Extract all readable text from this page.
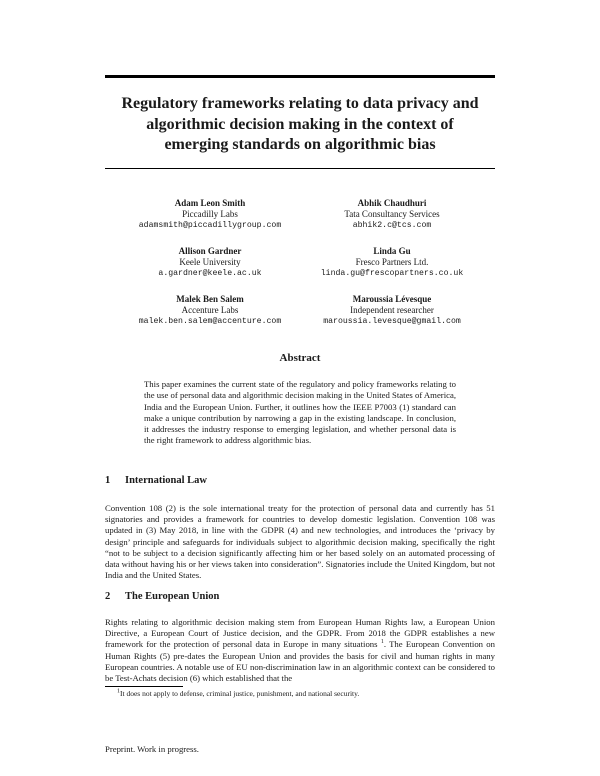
Regulatory frameworks relating to data privacy and
algorithmic decision making in the context of
emerging standards on algorithmic bias
Adam Leon Smith
Piccadilly Labs
adamsmith@piccadillygroup.com
Abhik Chaudhuri
Tata Consultancy Services
abhik2.c@tcs.com
Allison Gardner
Keele University
a.gardner@keele.ac.uk
Linda Gu
Fresco Partners Ltd.
linda.gu@frescopartners.co.uk
Malek Ben Salem
Accenture Labs
malek.ben.salem@accenture.com
Maroussia Lévesque
Independent researcher
maroussia.levesque@gmail.com
Abstract
This paper examines the current state of the regulatory and policy frameworks relating to the use of personal data and algorithmic decision making in the United States of America, India and the European Union. Further, it outlines how the IEEE P7003 (1) standard can make a unique contribution by narrowing a gap in the existing landscape. In conclusion, it addresses the industry response to emerging legislation, and whether personal data is the right framework to address algorithmic bias.
1 International Law
Convention 108 (2) is the sole international treaty for the protection of personal data and currently has 51 signatories and provides a framework for countries to develop domestic legislation. Convention 108 was updated in (3) May 2018, in line with the GDPR (4) and new technologies, and introduces the ‘privacy by design’ principle and safeguards for individuals subject to algorithmic decision making, specifically the right “not to be subject to a decision significantly affecting him or her based solely on an automated processing of data without having his or her views taken into consideration”. Signatories include the United Kingdom, but not India and the United States.
2 The European Union
Rights relating to algorithmic decision making stem from European Human Rights law, a European Union Directive, a European Court of Justice decision, and the GDPR. From 2018 the GDPR establishes a new framework for the protection of personal data in Europe in many situations $^1$. The European Convention on Human Rights (5) pre-dates the European Union and provides the basis for civil and human rights in many European countries. A notable use of EU non-discrimination law in an algorithmic context can be considered to be Test-Achats decision (6) which established that the
$^1$It does not apply to defense, criminal justice, punishment, and national security.
Preprint. Work in progress.
